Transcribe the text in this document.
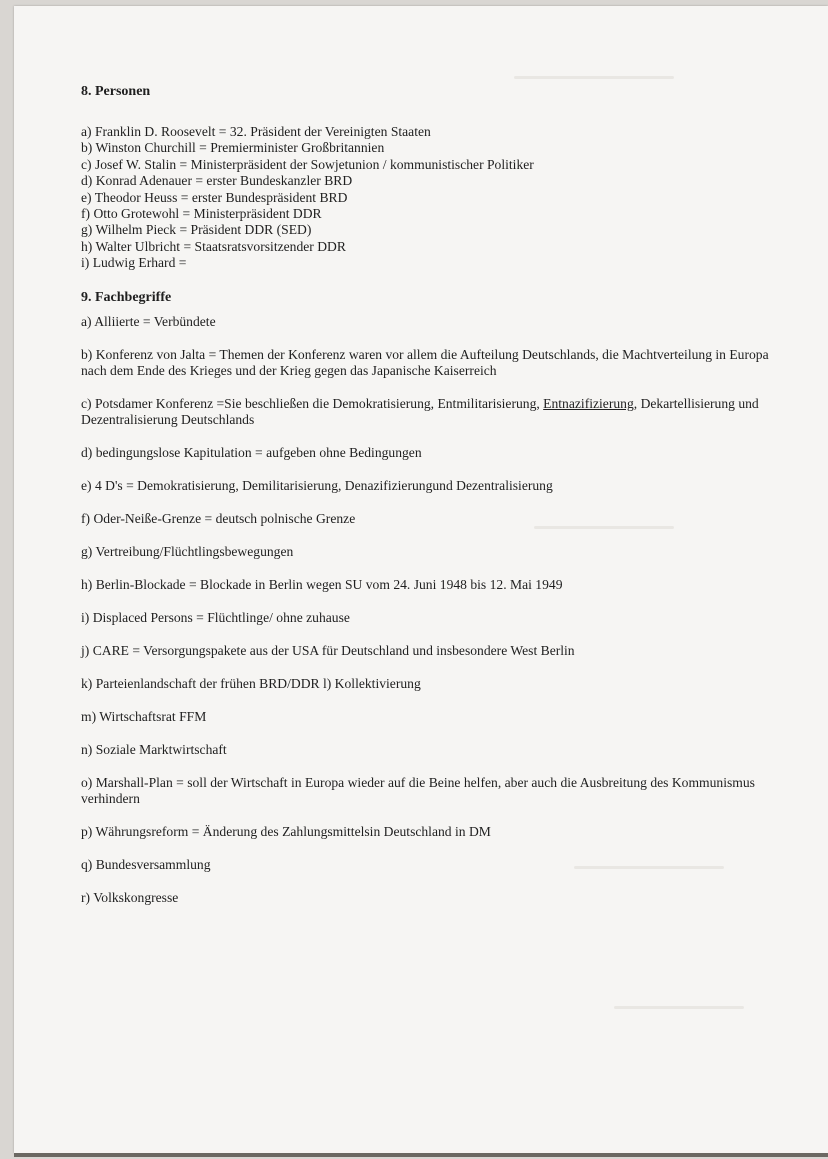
8. Personen

a) Franklin D. Roosevelt = 32. Präsident der Vereinigten Staaten
b) Winston Churchill = Premierminister Großbritannien
c) Josef W. Stalin = Ministerpräsident der Sowjetunion / kommunistischer Politiker
d) Konrad Adenauer = erster Bundeskanzler BRD
e) Theodor Heuss = erster Bundespräsident BRD
f) Otto Grotewohl = Ministerpräsident DDR
g) Wilhelm Pieck = Präsident DDR (SED)
h) Walter Ulbricht = Staatsratsvorsitzender DDR
i) Ludwig Erhard =

9. Fachbegriffe

a) Alliierte = Verbündete
b) Konferenz von Jalta = Themen der Konferenz waren vor allem die Aufteilung Deutschlands, die Machtverteilung in Europa nach dem Ende des Krieges und der Krieg gegen das Japanische Kaiserreich
c) Potsdamer Konferenz =Sie beschließen die Demokratisierung, Entmilitarisierung, Entnazifizierung, Dekartellisierung und Dezentralisierung Deutschlands
d) bedingungslose Kapitulation = aufgeben ohne Bedingungen
e) 4 D's = Demokratisierung, Demilitarisierung, Denazifizierungund Dezentralisierung
f) Oder-Neiße-Grenze = deutsch polnische Grenze
g) Vertreibung/Flüchtlingsbewegungen
h) Berlin-Blockade = Blockade in Berlin wegen SU vom 24. Juni 1948 bis 12. Mai 1949
i) Displaced Persons = Flüchtlinge/ ohne zuhause
j) CARE = Versorgungspakete aus der USA für Deutschland und insbesondere West Berlin
k) Parteienlandschaft der frühen BRD/DDR l) Kollektivierung
m) Wirtschaftsrat FFM
n) Soziale Marktwirtschaft
o) Marshall-Plan = soll der Wirtschaft in Europa wieder auf die Beine helfen, aber auch die Ausbreitung des Kommunismus verhindern
p) Währungsreform = Änderung des Zahlungsmittelsin Deutschland in DM
q) Bundesversammlung
r) Volkskongresse
